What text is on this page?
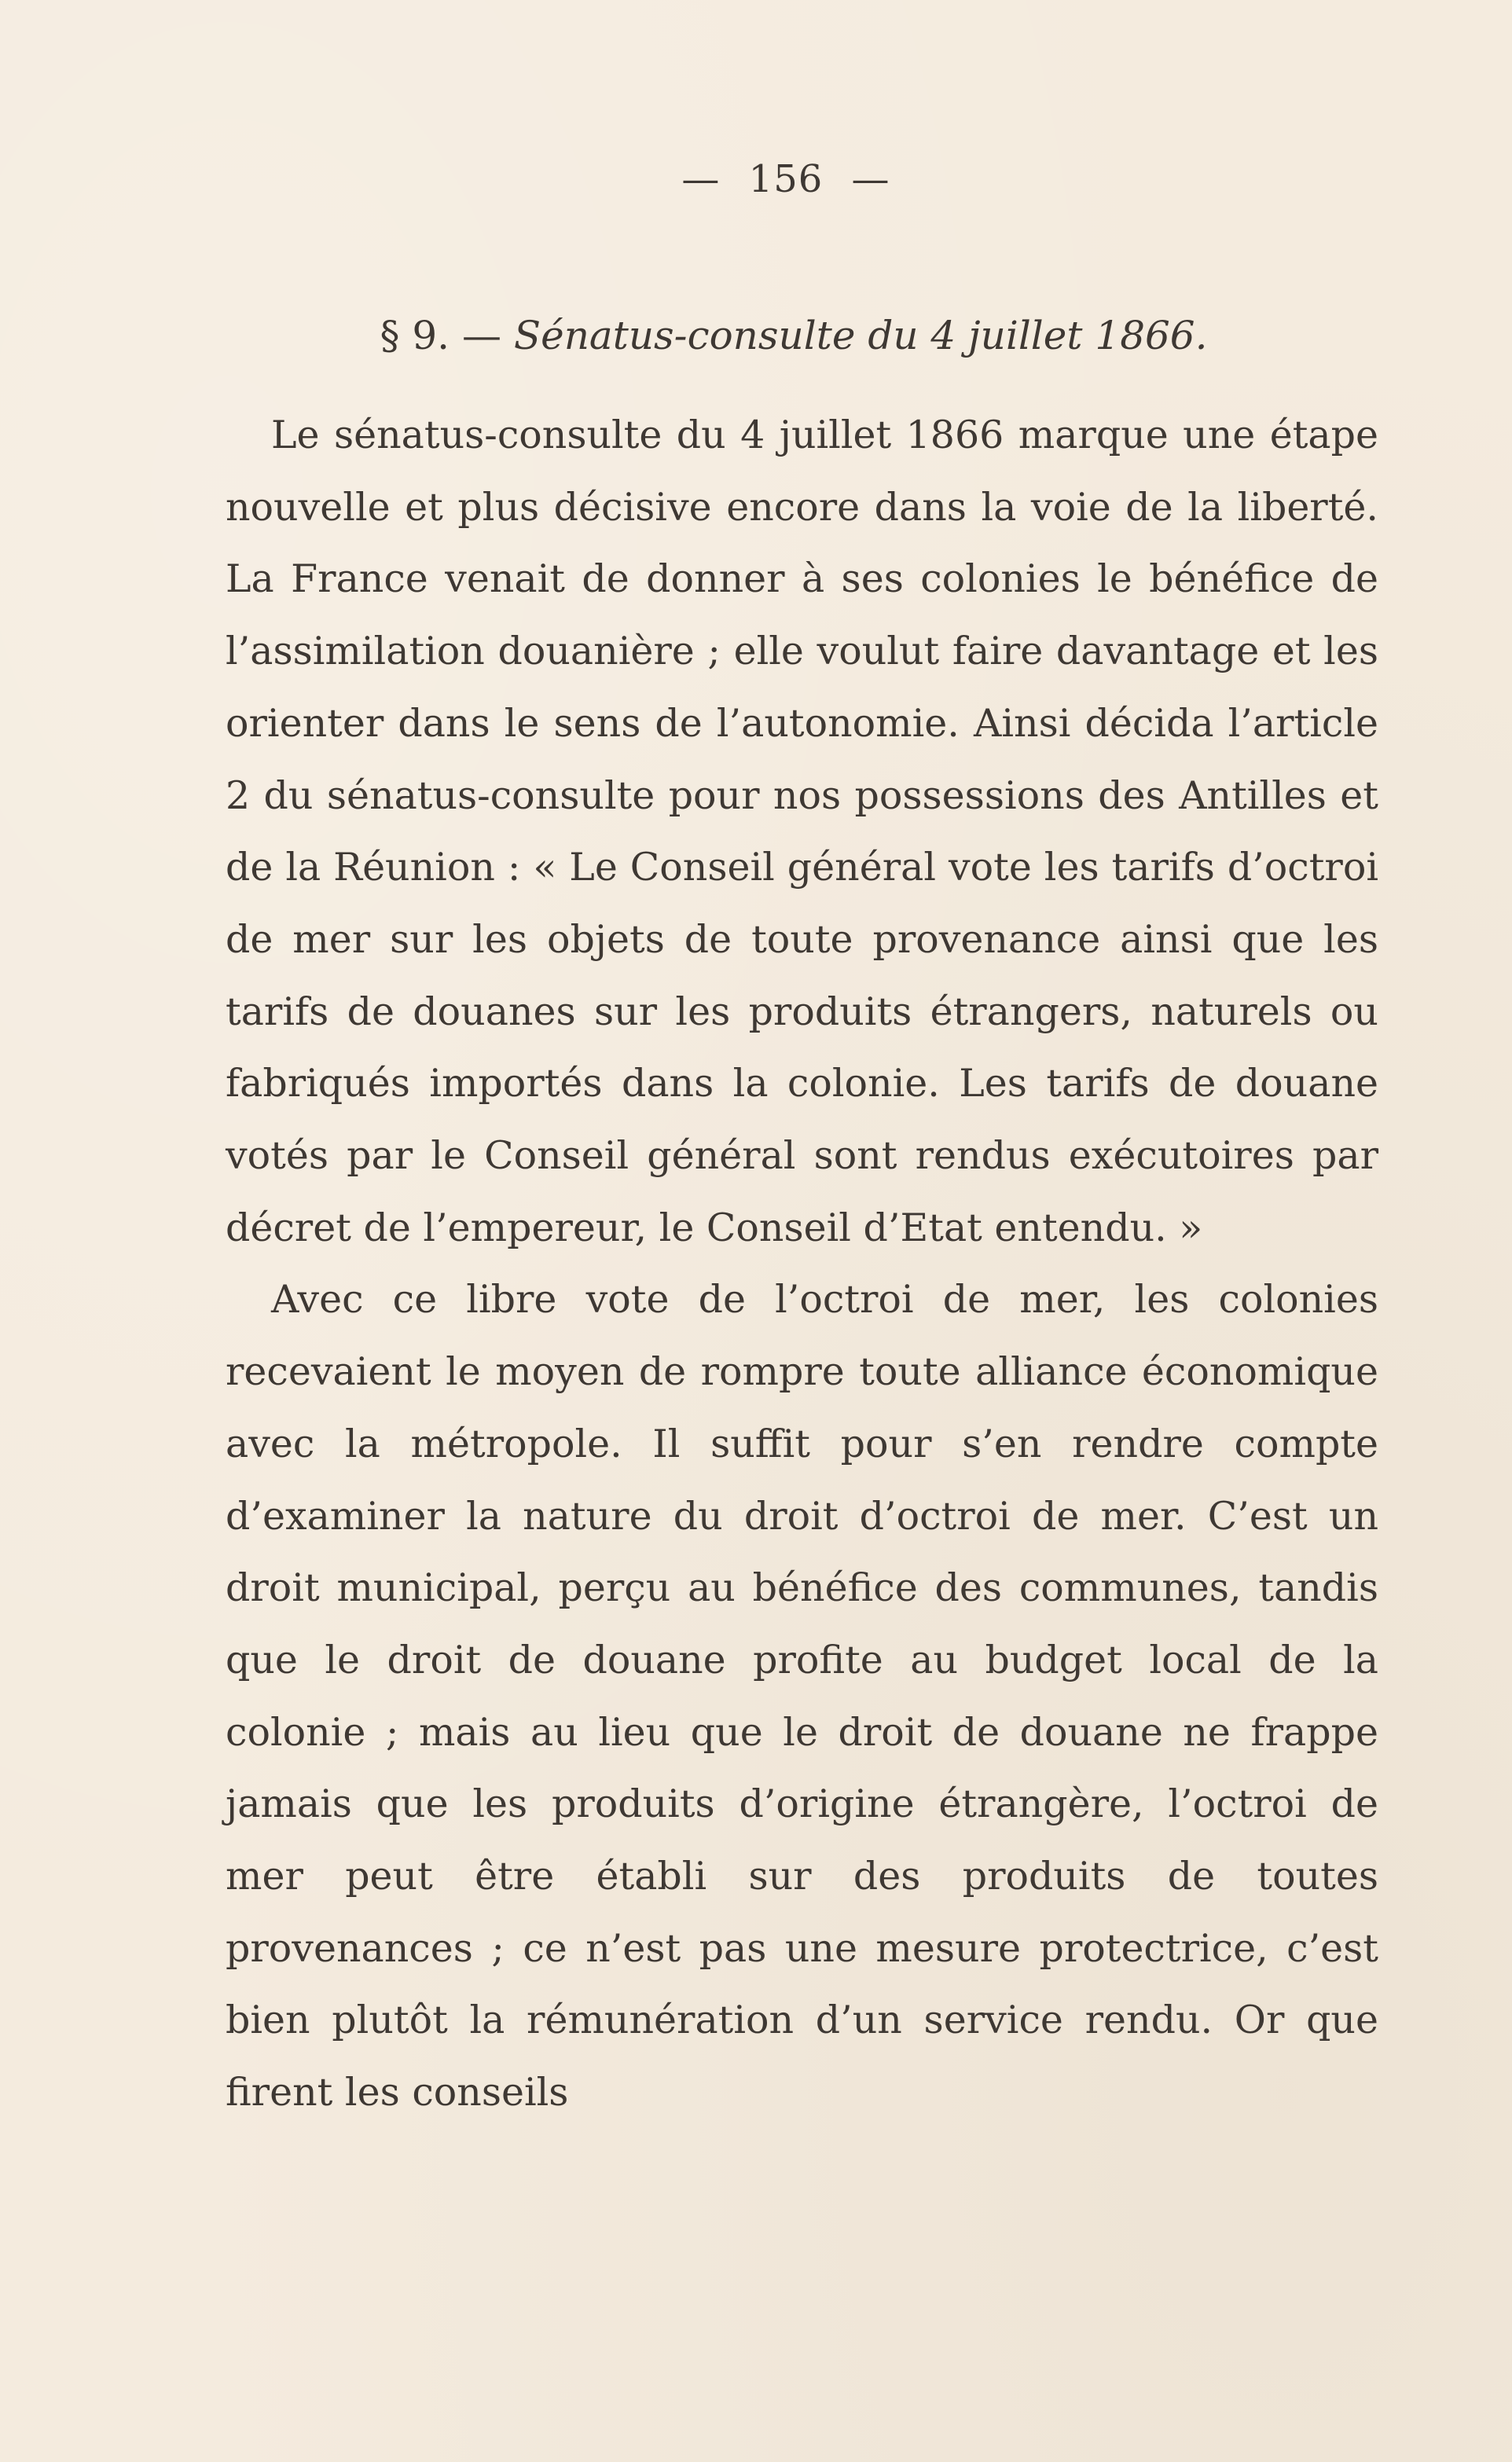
— 156 —
§ 9. — Sénatus-consulte du 4 juillet 1866.

Le sénatus-consulte du 4 juillet 1866 marque une étape nouvelle et plus décisive encore dans la voie de la liberté. La France venait de donner à ses colonies le bénéfice de l’assimilation douanière ; elle voulut faire davantage et les orienter dans le sens de l’autonomie. Ainsi décida l’article 2 du sénatus-consulte pour nos possessions des Antilles et de la Réunion : « Le Conseil général vote les tarifs d’octroi de mer sur les objets de toute provenance ainsi que les tarifs de douanes sur les produits étrangers, naturels ou fabriqués importés dans la colonie. Les tarifs de douane votés par le Conseil général sont rendus exécutoires par décret de l’empereur, le Conseil d’Etat entendu. »

Avec ce libre vote de l’octroi de mer, les colonies recevaient le moyen de rompre toute alliance économique avec la métropole. Il suffit pour s’en rendre compte d’examiner la nature du droit d’octroi de mer. C’est un droit municipal, perçu au bénéfice des communes, tandis que le droit de douane profite au budget local de la colonie ; mais au lieu que le droit de douane ne frappe jamais que les produits d’origine étrangère, l’octroi de mer peut être établi sur des produits de toutes provenances ; ce n’est pas une mesure protectrice, c’est bien plutôt la rémunération d’un service rendu. Or que firent les conseils
